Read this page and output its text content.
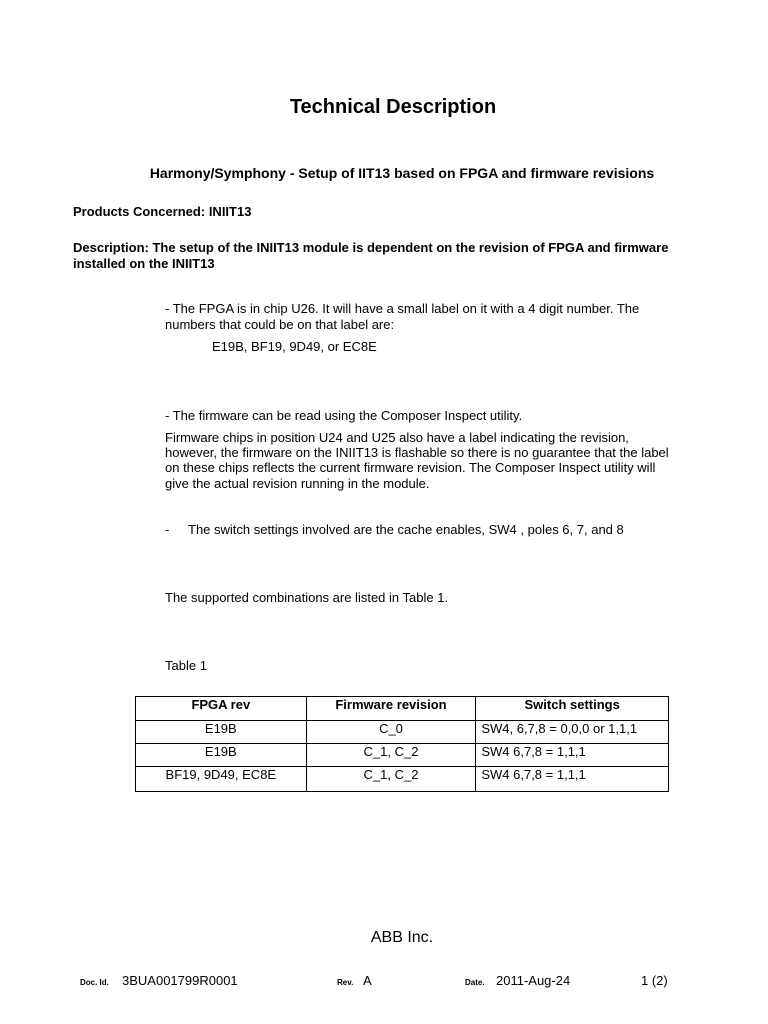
Technical Description
Harmony/Symphony - Setup of IIT13 based on FPGA and firmware revisions
Products Concerned: INIIT13
Description: The setup of the INIIT13 module is dependent on the revision of FPGA and firmware
installed on the INIIT13
- The FPGA is in chip U26. It will have a small label on it with a 4 digit number. The
numbers that could be on that label are:
E19B, BF19, 9D49, or EC8E
- The firmware can be read using the Composer Inspect utility.
Firmware chips in position U24 and U25 also have a label indicating the revision,
however, the firmware on the INIIT13 is flashable so there is no guarantee that the label
on these chips reflects the current firmware revision. The Composer Inspect utility will
give the actual revision running in the module.
- The switch settings involved are the cache enables, SW4 , poles 6, 7, and 8
The supported combinations are listed in Table 1.
Table 1
FPGA rev	Firmware revision	Switch settings
E19B	C_0	SW4, 6,7,8 = 0,0,0 or 1,1,1
E19B	C_1, C_2	SW4 6,7,8 = 1,1,1
BF19, 9D49, EC8E	C_1, C_2	SW4 6,7,8 = 1,1,1
ABB Inc.
Doc. Id. 3BUA001799R0001	Rev. A	Date. 2011-Aug-24	1 (2)
